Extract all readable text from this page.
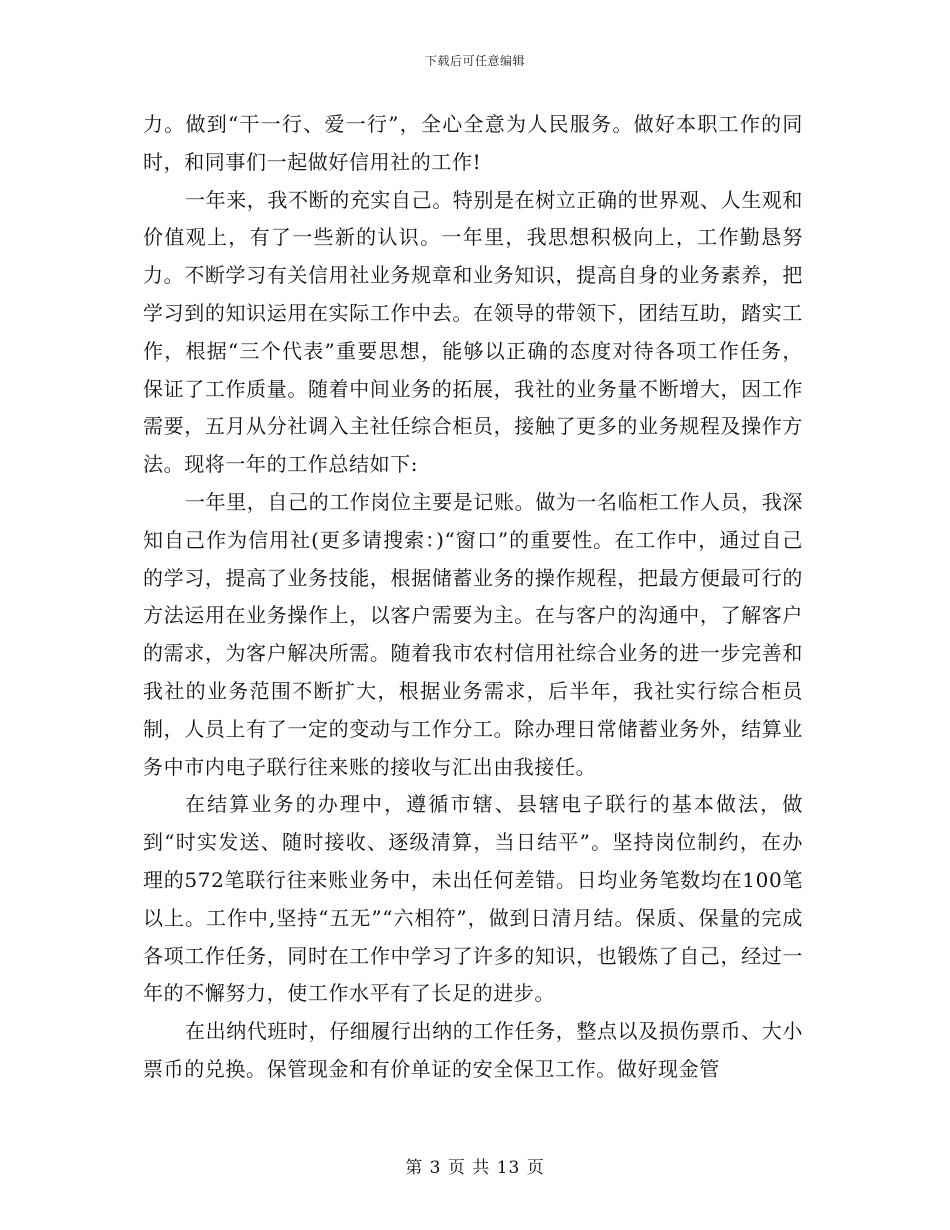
下载后可任意编辑

力。做到“干一行、爱一行”，全心全意为人民服务。做好本职工作的同时，和同事们一起做好信用社的工作!

一年来，我不断的充实自己。特别是在树立正确的世界观、人生观和价值观上，有了一些新的认识。一年里，我思想积极向上，工作勤恳努力。不断学习有关信用社业务规章和业务知识，提高自身的业务素养，把学习到的知识运用在实际工作中去。在领导的带领下，团结互助，踏实工作，根据“三个代表”重要思想，能够以正确的态度对待各项工作任务，保证了工作质量。随着中间业务的拓展，我社的业务量不断增大，因工作需要，五月从分社调入主社任综合柜员，接触了更多的业务规程及操作方法。现将一年的工作总结如下:

一年里，自己的工作岗位主要是记账。做为一名临柜工作人员，我深知自己作为信用社(更多请搜索：)“窗口”的重要性。在工作中，通过自己的学习，提高了业务技能，根据储蓄业务的操作规程，把最方便最可行的方法运用在业务操作上，以客户需要为主。在与客户的沟通中，了解客户的需求，为客户解决所需。随着我市农村信用社综合业务的进一步完善和我社的业务范围不断扩大，根据业务需求，后半年，我社实行综合柜员制，人员上有了一定的变动与工作分工。除办理日常储蓄业务外，结算业务中市内电子联行往来账的接收与汇出由我接任。

在结算业务的办理中，遵循市辖、县辖电子联行的基本做法，做到“时实发送、随时接收、逐级清算，当日结平”。坚持岗位制约，在办理的572笔联行往来账业务中，未出任何差错。日均业务笔数均在100笔以上。工作中,坚持“五无”“六相符”，做到日清月结。保质、保量的完成各项工作任务，同时在工作中学习了许多的知识，也锻炼了自己，经过一年的不懈努力，使工作水平有了长足的进步。

在出纳代班时，仔细履行出纳的工作任务，整点以及损伤票币、大小票币的兑换。保管现金和有价单证的安全保卫工作。做好现金管

第 3 页 共 13 页
